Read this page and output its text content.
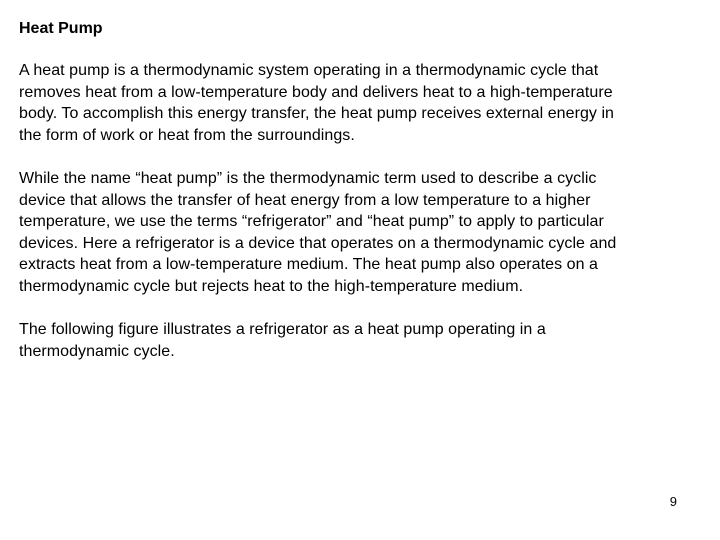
Heat Pump

A heat pump is a thermodynamic system operating in a thermodynamic cycle that
removes heat from a low-temperature body and delivers heat to a high-temperature
body. To accomplish this energy transfer, the heat pump receives external energy in
the form of work or heat from the surroundings.

While the name “heat pump” is the thermodynamic term used to describe a cyclic
device that allows the transfer of heat energy from a low temperature to a higher
temperature, we use the terms “refrigerator” and “heat pump” to apply to particular
devices. Here a refrigerator is a device that operates on a thermodynamic cycle and
extracts heat from a low-temperature medium. The heat pump also operates on a
thermodynamic cycle but rejects heat to the high-temperature medium.

The following figure illustrates a refrigerator as a heat pump operating in a
thermodynamic cycle.

9
